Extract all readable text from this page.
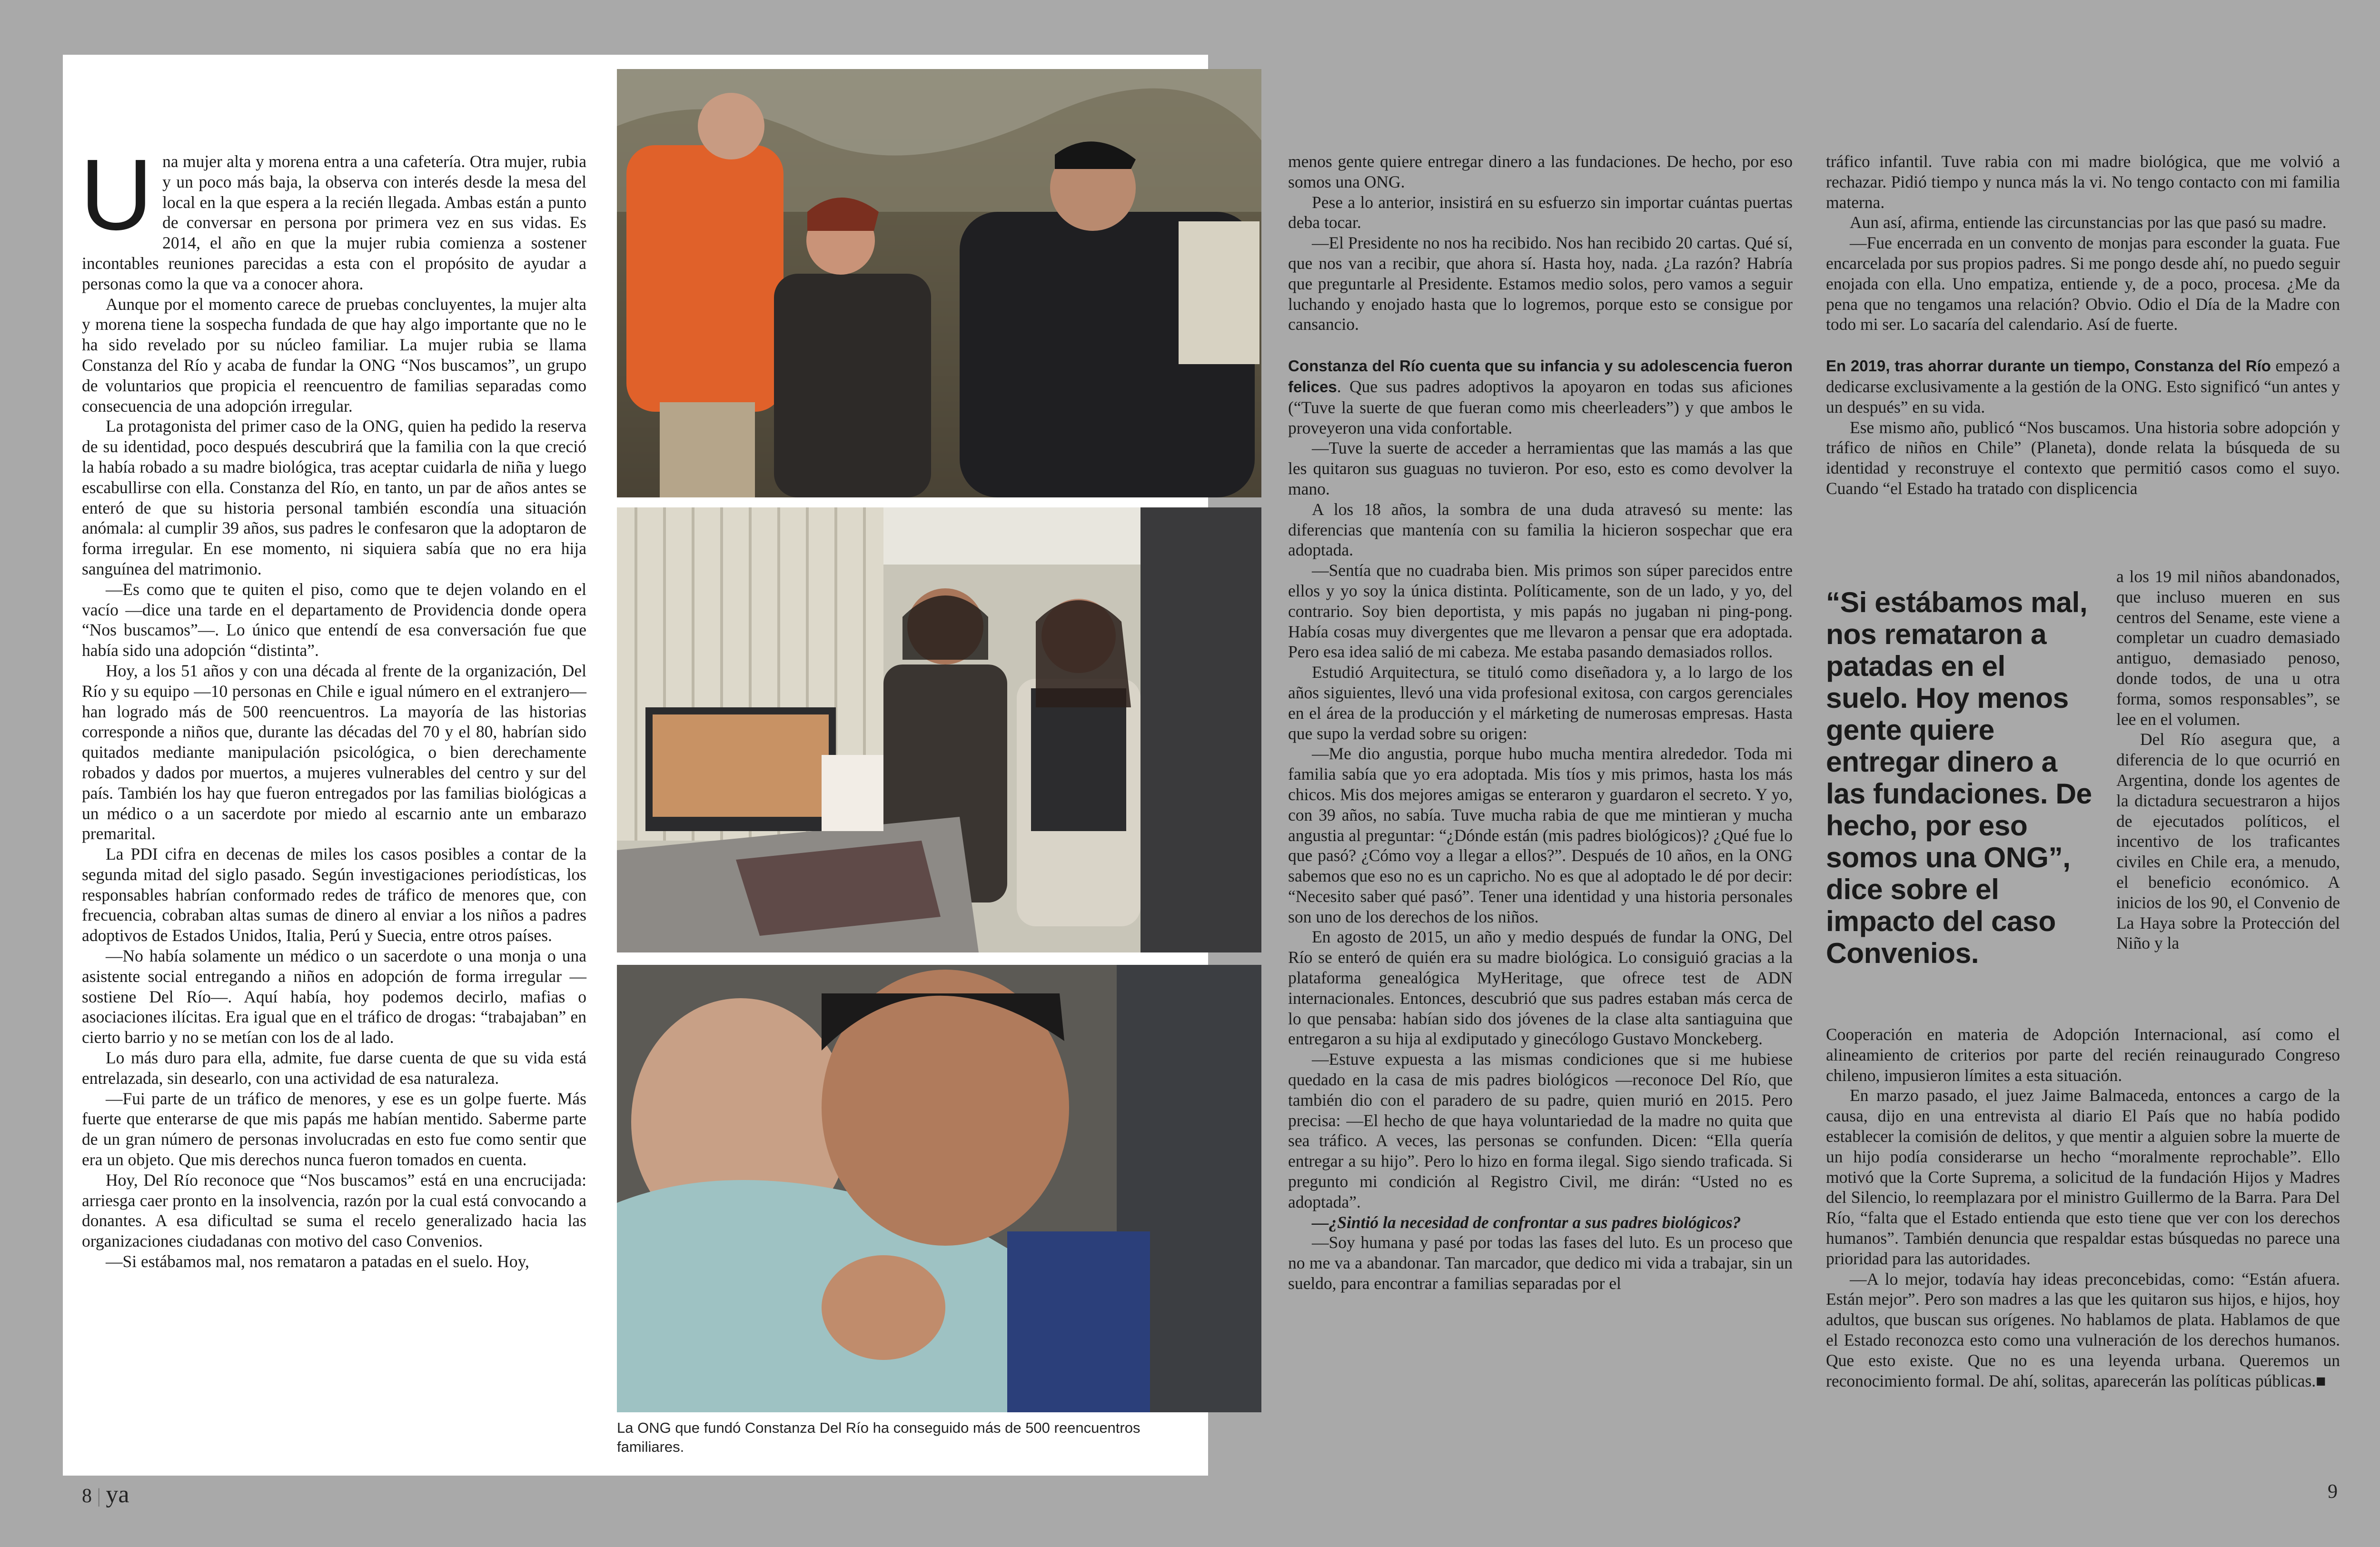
U na mujer alta y morena entra a una cafetería. Otra mujer, rubia y un poco más baja, la observa con interés desde la mesa del local en la que espera a la recién llegada. Ambas están a punto de conversar en persona por primera vez en sus vidas. Es 2014, el año en que la mujer rubia comienza a sostener incontables reuniones parecidas a esta con el propósito de ayudar a personas como la que va a conocer ahora.

Aunque por el momento carece de pruebas concluyentes, la mujer alta y morena tiene la sospecha fundada de que hay algo importante que no le ha sido revelado por su núcleo familiar. La mujer rubia se llama Constanza del Río y acaba de fundar la ONG “Nos buscamos”, un grupo de voluntarios que propicia el reencuentro de familias separadas como consecuencia de una adopción irregular.

La protagonista del primer caso de la ONG, quien ha pedido la reserva de su identidad, poco después descubrirá que la familia con la que creció la había robado a su madre biológica, tras aceptar cuidarla de niña y luego escabullirse con ella. Constanza del Río, en tanto, un par de años antes se enteró de que su historia personal también escondía una situación anómala: al cumplir 39 años, sus padres le confesaron que la adoptaron de forma irregular. En ese momento, ni siquiera sabía que no era hija sanguínea del matrimonio.

—Es como que te quiten el piso, como que te dejen volando en el vacío —dice una tarde en el departamento de Providencia donde opera “Nos buscamos”—. Lo único que entendí de esa conversación fue que había sido una adopción “distinta”.

Hoy, a los 51 años y con una década al frente de la organización, Del Río y su equipo —10 personas en Chile e igual número en el extranjero— han logrado más de 500 reencuentros. La mayoría de las historias corresponde a niños que, durante las décadas del 70 y el 80, habrían sido quitados mediante manipulación psicológica, o bien derechamente robados y dados por muertos, a mujeres vulnerables del centro y sur del país. También los hay que fueron entregados por las familias biológicas a un médico o a un sacerdote por miedo al escarnio ante un embarazo premarital.

La PDI cifra en decenas de miles los casos posibles a contar de la segunda mitad del siglo pasado. Según investigaciones periodísticas, los responsables habrían conformado redes de tráfico de menores que, con frecuencia, cobraban altas sumas de dinero al enviar a los niños a padres adoptivos de Estados Unidos, Italia, Perú y Suecia, entre otros países.

—No había solamente un médico o un sacerdote o una monja o una asistente social entregando a niños en adopción de forma irregular —sostiene Del Río—. Aquí había, hoy podemos decirlo, mafias o asociaciones ilícitas. Era igual que en el tráfico de drogas: “trabajaban” en cierto barrio y no se metían con los de al lado.

Lo más duro para ella, admite, fue darse cuenta de que su vida está entrelazada, sin desearlo, con una actividad de esa naturaleza.

—Fui parte de un tráfico de menores, y ese es un golpe fuerte. Más fuerte que enterarse de que mis papás me habían mentido. Saberme parte de un gran número de personas involucradas en esto fue como sentir que era un objeto. Que mis derechos nunca fueron tomados en cuenta.

Hoy, Del Río reconoce que “Nos buscamos” está en una encrucijada: arriesga caer pronto en la insolvencia, razón por la cual está convocando a donantes. A esa dificultad se suma el recelo generalizado hacia las organizaciones ciudadanas con motivo del caso Convenios.

—Si estábamos mal, nos remataron a patadas en el suelo. Hoy,

La ONG que fundó Constanza Del Río ha conseguido más de 500 reencuentros familiares.

menos gente quiere entregar dinero a las fundaciones. De hecho, por eso somos una ONG.

Pese a lo anterior, insistirá en su esfuerzo sin importar cuántas puertas deba tocar.

—El Presidente no nos ha recibido. Nos han recibido 20 cartas. Qué sí, que nos van a recibir, que ahora sí. Hasta hoy, nada. ¿La razón? Habría que preguntarle al Presidente. Estamos medio solos, pero vamos a seguir luchando y enojado hasta que lo logremos, porque esto se consigue por cansancio.

Constanza del Río cuenta que su infancia y su adolescencia fueron felices. Que sus padres adoptivos la apoyaron en todas sus aficiones (“Tuve la suerte de que fueran como mis cheerleaders”) y que ambos le proveyeron una vida confortable.

—Tuve la suerte de acceder a herramientas que las mamás a las que les quitaron sus guaguas no tuvieron. Por eso, esto es como devolver la mano.

A los 18 años, la sombra de una duda atravesó su mente: las diferencias que mantenía con su familia la hicieron sospechar que era adoptada.

—Sentía que no cuadraba bien. Mis primos son súper parecidos entre ellos y yo soy la única distinta. Políticamente, son de un lado, y yo, del contrario. Soy bien deportista, y mis papás no jugaban ni ping-pong. Había cosas muy divergentes que me llevaron a pensar que era adoptada. Pero esa idea salió de mi cabeza. Me estaba pasando demasiados rollos.

Estudió Arquitectura, se tituló como diseñadora y, a lo largo de los años siguientes, llevó una vida profesional exitosa, con cargos gerenciales en el área de la producción y el márketing de numerosas empresas. Hasta que supo la verdad sobre su origen:

—Me dio angustia, porque hubo mucha mentira alrededor. Toda mi familia sabía que yo era adoptada. Mis tíos y mis primos, hasta los más chicos. Mis dos mejores amigas se enteraron y guardaron el secreto. Y yo, con 39 años, no sabía. Tuve mucha rabia de que me mintieran y mucha angustia al preguntar: “¿Dónde están (mis padres biológicos)? ¿Qué fue lo que pasó? ¿Cómo voy a llegar a ellos?”. Después de 10 años, en la ONG sabemos que eso no es un capricho. No es que al adoptado le dé por decir: “Necesito saber qué pasó”. Tener una identidad y una historia personales son uno de los derechos de los niños.

En agosto de 2015, un año y medio después de fundar la ONG, Del Río se enteró de quién era su madre biológica. Lo consiguió gracias a la plataforma genealógica MyHeritage, que ofrece test de ADN internacionales. Entonces, descubrió que sus padres estaban más cerca de lo que pensaba: habían sido dos jóvenes de la clase alta santiaguina que entregaron a su hija al exdiputado y ginecólogo Gustavo Monckeberg.

—Estuve expuesta a las mismas condiciones que si me hubiese quedado en la casa de mis padres biológicos —reconoce Del Río, que también dio con el paradero de su padre, quien murió en 2015. Pero precisa: —El hecho de que haya voluntariedad de la madre no quita que sea tráfico. A veces, las personas se confunden. Dicen: “Ella quería entregar a su hijo”. Pero lo hizo en forma ilegal. Sigo siendo traficada. Si pregunto mi condición al Registro Civil, me dirán: “Usted no es adoptada”.

—¿Sintió la necesidad de confrontar a sus padres biológicos?

—Soy humana y pasé por todas las fases del luto. Es un proceso que no me va a abandonar. Tan marcador, que dedico mi vida a trabajar, sin un sueldo, para encontrar a familias separadas por el

tráfico infantil. Tuve rabia con mi madre biológica, que me volvió a rechazar. Pidió tiempo y nunca más la vi. No tengo contacto con mi familia materna.

Aun así, afirma, entiende las circunstancias por las que pasó su madre.

—Fue encerrada en un convento de monjas para esconder la guata. Fue encarcelada por sus propios padres. Si me pongo desde ahí, no puedo seguir enojada con ella. Uno empatiza, entiende y, de a poco, procesa. ¿Me da pena que no tengamos una relación? Obvio. Odio el Día de la Madre con todo mi ser. Lo sacaría del calendario. Así de fuerte.

En 2019, tras ahorrar durante un tiempo, Constanza del Río empezó a dedicarse exclusivamente a la gestión de la ONG. Esto significó “un antes y un después” en su vida.

Ese mismo año, publicó “Nos buscamos. Una historia sobre adopción y tráfico de niños en Chile” (Planeta), donde relata la búsqueda de su identidad y reconstruye el contexto que permitió casos como el suyo. Cuando “el Estado ha tratado con displicencia

“Si estábamos mal, nos remataron a patadas en el suelo. Hoy menos gente quiere entregar dinero a las fundaciones. De hecho, por eso somos una ONG”, dice sobre el impacto del caso Convenios.

a los 19 mil niños abandonados, que incluso mueren en sus centros del Sename, este viene a completar un cuadro demasiado antiguo, demasiado penoso, donde todos, de una u otra forma, somos responsables”, se lee en el volumen.

Del Río asegura que, a diferencia de lo que ocurrió en Argentina, donde los agentes de la dictadura secuestraron a hijos de ejecutados políticos, el incentivo de los traficantes civiles en Chile era, a menudo, el beneficio económico. A inicios de los 90, el Convenio de La Haya sobre la Protección del Niño y la

Cooperación en materia de Adopción Internacional, así como el alineamiento de criterios por parte del recién reinaugurado Congreso chileno, impusieron límites a esta situación.

En marzo pasado, el juez Jaime Balmaceda, entonces a cargo de la causa, dijo en una entrevista al diario El País que no había podido establecer la comisión de delitos, y que mentir a alguien sobre la muerte de un hijo podía considerarse un hecho “moralmente reprochable”. Ello motivó que la Corte Suprema, a solicitud de la fundación Hijos y Madres del Silencio, lo reemplazara por el ministro Guillermo de la Barra. Para Del Río, “falta que el Estado entienda que esto tiene que ver con los derechos humanos”. También denuncia que respaldar estas búsquedas no parece una prioridad para las autoridades.

—A lo mejor, todavía hay ideas preconcebidas, como: “Están afuera. Están mejor”. Pero son madres a las que les quitaron sus hijos, e hijos, hoy adultos, que buscan sus orígenes. No hablamos de plata. Hablamos de que el Estado reconozca esto como una vulneración de los derechos humanos. Que esto existe. Que no es una leyenda urbana. Queremos un reconocimiento formal. De ahí, solitas, aparecerán las políticas públicas.■

8 | ya	9
